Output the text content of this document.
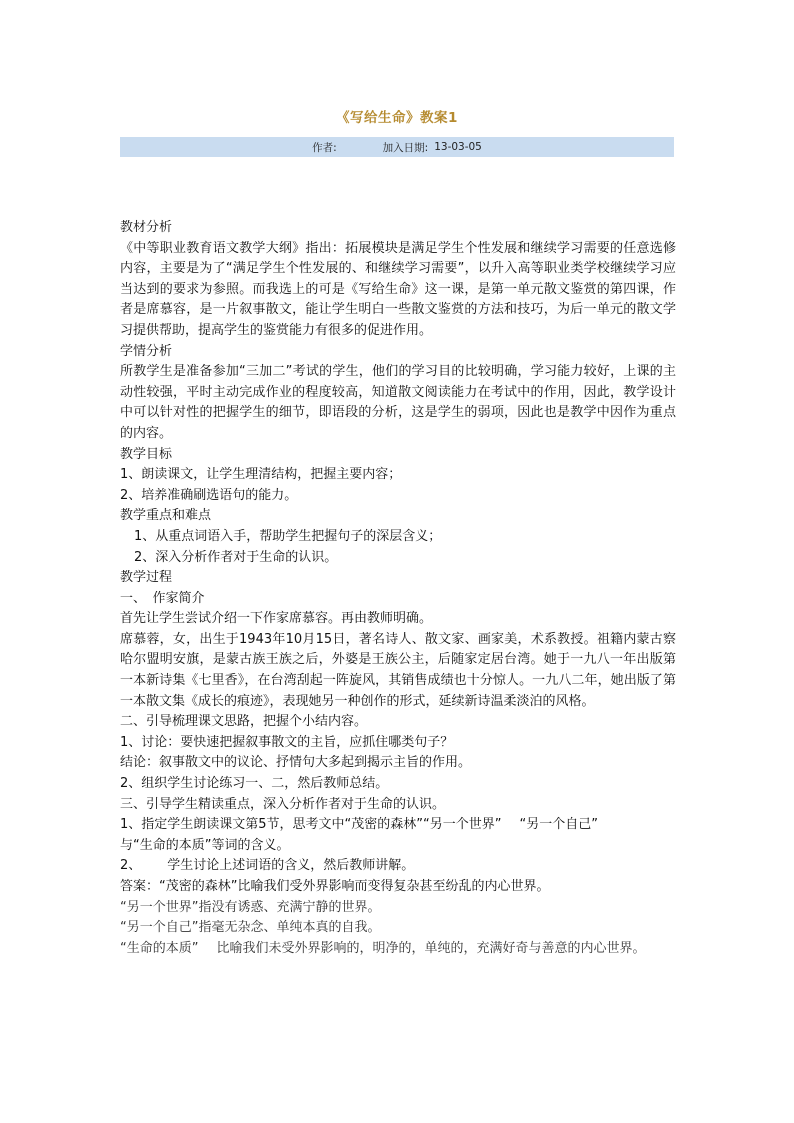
《写给生命》教案1
作者:	加入日期: 13-03-05

教材分析

《中等职业教育语文教学大纲》指出：拓展模块是满足学生个性发展和继续学习需要的任意选修内容，主要是为了“满足学生个性发展的、和继续学习需要”，以升入高等职业类学校继续学习应当达到的要求为参照。而我选上的可是《写给生命》这一课，是第一单元散文鉴赏的第四课，作者是席慕容，是一片叙事散文，能让学生明白一些散文鉴赏的方法和技巧，为后一单元的散文学习提供帮助，提高学生的鉴赏能力有很多的促进作用。

学情分析

所教学生是准备参加“三加二”考试的学生，他们的学习目的比较明确，学习能力较好，上课的主动性较强，平时主动完成作业的程度较高，知道散文阅读能力在考试中的作用，因此，教学设计中可以针对性的把握学生的细节，即语段的分析，这是学生的弱项，因此也是教学中因作为重点的内容。

教学目标

1、朗读课文，让学生理清结构，把握主要内容；

2、培养准确刷选语句的能力。

教学重点和难点

1、从重点词语入手，帮助学生把握句子的深层含义；

2、深入分析作者对于生命的认识。

教学过程

一、　作家简介

首先让学生尝试介绍一下作家席慕容。再由教师明确。

席慕蓉，女，出生于1943年10月15日，著名诗人、散文家、画家美，术系教授。祖籍内蒙古察哈尔盟明安旗，是蒙古族王族之后，外婆是王族公主，后随家定居台湾。她于一九八一年出版第一本新诗集《七里香》，在台湾刮起一阵旋风，其销售成绩也十分惊人。一九八二年，她出版了第一本散文集《成长的痕迹》，表现她另一种创作的形式，延续新诗温柔淡泊的风格。

二、引导梳理课文思路，把握个小结内容。

1、讨论：要快速把握叙事散文的主旨，应抓住哪类句子？

结论：叙事散文中的议论、抒情句大多起到揭示主旨的作用。

2、组织学生讨论练习一、二，然后教师总结。

三、引导学生精读重点，深入分析作者对于生命的认识。

1、指定学生朗读课文第5节，思考文中“茂密的森林”“另一个世界” “另一个自己”

与“生命的本质”等词的含义。

2、 学生讨论上述词语的含义，然后教师讲解。

答案：“茂密的森林”比喻我们受外界影响而变得复杂甚至纷乱的内心世界。

“另一个世界”指没有诱惑、充满宁静的世界。

“另一个自己”指毫无杂念、单纯本真的自我。

“生命的本质” 比喻我们未受外界影响的，明净的，单纯的，充满好奇与善意的内心世界。
